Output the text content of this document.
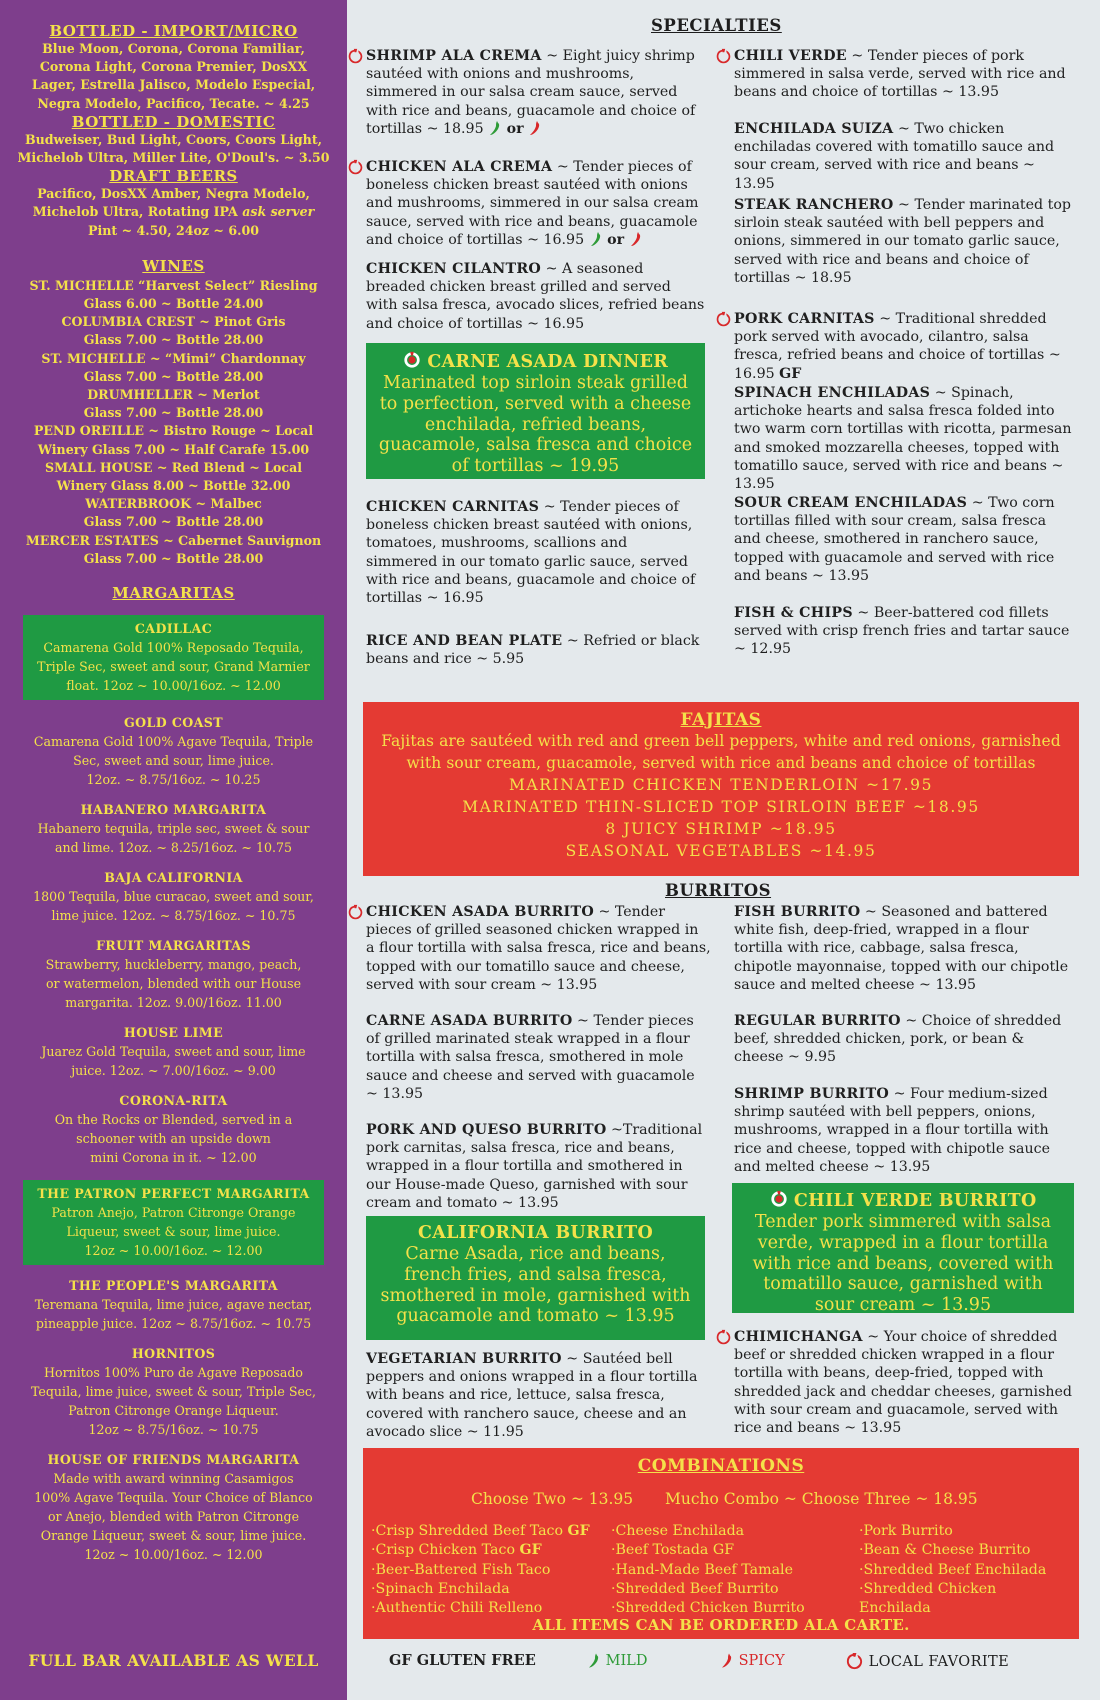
BOTTLED - IMPORT/MICRO
Blue Moon, Corona, Corona Familiar,
Corona Light, Corona Premier, DosXX
Lager, Estrella Jalisco, Modelo Especial,
Negra Modelo, Pacifico, Tecate. ~ 4.25
BOTTLED - DOMESTIC
Budweiser, Bud Light, Coors, Coors Light,
Michelob Ultra, Miller Lite, O'Doul's. ~ 3.50
DRAFT BEERS
Pacifico, DosXX Amber, Negra Modelo,
Michelob Ultra, Rotating IPA ask server
Pint ~ 4.50, 24oz ~ 6.00
WINES
ST. MICHELLE “Harvest Select” Riesling
Glass 6.00 ~ Bottle 24.00
COLUMBIA CREST ~ Pinot Gris
Glass 7.00 ~ Bottle 28.00
ST. MICHELLE ~ “Mimi” Chardonnay
Glass 7.00 ~ Bottle 28.00
DRUMHELLER ~ Merlot
Glass 7.00 ~ Bottle 28.00
PEND OREILLE ~ Bistro Rouge ~ Local
Winery Glass 7.00 ~ Half Carafe 15.00
SMALL HOUSE ~ Red Blend ~ Local
Winery Glass 8.00 ~ Bottle 32.00
WATERBROOK ~ Malbec
Glass 7.00 ~ Bottle 28.00
MERCER ESTATES ~ Cabernet Sauvignon
Glass 7.00 ~ Bottle 28.00
MARGARITAS
CADILLAC
Camarena Gold 100% Reposado Tequila,
Triple Sec, sweet and sour, Grand Marnier
float. 12oz ~ 10.00/16oz. ~ 12.00
GOLD COAST
Camarena Gold 100% Agave Tequila, Triple
Sec, sweet and sour, lime juice.
12oz. ~ 8.75/16oz. ~ 10.25
HABANERO MARGARITA
Habanero tequila, triple sec, sweet & sour
and lime. 12oz. ~ 8.25/16oz. ~ 10.75
BAJA CALIFORNIA
1800 Tequila, blue curacao, sweet and sour,
lime juice. 12oz. ~ 8.75/16oz. ~ 10.75
FRUIT MARGARITAS
Strawberry, huckleberry, mango, peach,
or watermelon, blended with our House
margarita. 12oz. 9.00/16oz. 11.00
HOUSE LIME
Juarez Gold Tequila, sweet and sour, lime
juice. 12oz. ~ 7.00/16oz. ~ 9.00
CORONA-RITA
On the Rocks or Blended, served in a
schooner with an upside down
mini Corona in it. ~ 12.00
THE PATRON PERFECT MARGARITA
Patron Anejo, Patron Citronge Orange
Liqueur, sweet & sour, lime juice.
12oz ~ 10.00/16oz. ~ 12.00
THE PEOPLE'S MARGARITA
Teremana Tequila, lime juice, agave nectar,
pineapple juice. 12oz ~ 8.75/16oz. ~ 10.75
HORNITOS
Hornitos 100% Puro de Agave Reposado
Tequila, lime juice, sweet & sour, Triple Sec,
Patron Citronge Orange Liqueur.
12oz ~ 8.75/16oz. ~ 10.75
HOUSE OF FRIENDS MARGARITA
Made with award winning Casamigos
100% Agave Tequila. Your Choice of Blanco
or Anejo, blended with Patron Citronge
Orange Liqueur, sweet & sour, lime juice.
12oz ~ 10.00/16oz. ~ 12.00
FULL BAR AVAILABLE AS WELL
SPECIALTIES
SHRIMP ALA CREMA ~ Eight juicy shrimp sautéed with onions and mushrooms, simmered in our salsa cream sauce, served with rice and beans, guacamole and choice of tortillas ~ 18.95  or
CHICKEN ALA CREMA ~ Tender pieces of boneless chicken breast sautéed with onions and mushrooms, simmered in our salsa cream sauce, served with rice and beans, guacamole and choice of tortillas ~ 16.95  or
CHICKEN CILANTRO ~ A seasoned breaded chicken breast grilled and served with salsa fresca, avocado slices, refried beans and choice of tortillas ~ 16.95
CARNE ASADA DINNER
Marinated top sirloin steak grilled to perfection, served with a cheese enchilada, refried beans, guacamole, salsa fresca and choice of tortillas ~ 19.95
CHICKEN CARNITAS ~ Tender pieces of boneless chicken breast sautéed with onions, tomatoes, mushrooms, scallions and simmered in our tomato garlic sauce, served with rice and beans, guacamole and choice of tortillas ~ 16.95
RICE AND BEAN PLATE ~ Refried or black beans and rice ~ 5.95
CHILI VERDE ~ Tender pieces of pork simmered in salsa verde, served with rice and beans and choice of tortillas ~ 13.95
ENCHILADA SUIZA ~ Two chicken enchiladas covered with tomatillo sauce and sour cream, served with rice and beans ~ 13.95
STEAK RANCHERO ~ Tender marinated top sirloin steak sautéed with bell peppers and onions, simmered in our tomato garlic sauce, served with rice and beans and choice of tortillas ~ 18.95
PORK CARNITAS ~ Traditional shredded pork served with avocado, cilantro, salsa fresca, refried beans and choice of tortillas ~ 16.95 GF
SPINACH ENCHILADAS ~ Spinach, artichoke hearts and salsa fresca folded into two warm corn tortillas with ricotta, parmesan and smoked mozzarella cheeses, topped with tomatillo sauce, served with rice and beans ~ 13.95
SOUR CREAM ENCHILADAS ~ Two corn tortillas filled with sour cream, salsa fresca and cheese, smothered in ranchero sauce, topped with guacamole and served with rice and beans ~ 13.95
FISH & CHIPS ~ Beer-battered cod fillets served with crisp french fries and tartar sauce ~ 12.95
FAJITAS
Fajitas are sautéed with red and green bell peppers, white and red onions, garnished
with sour cream, guacamole, served with rice and beans and choice of tortillas
MARINATED CHICKEN TENDERLOIN ~17.95
MARINATED THIN-SLICED TOP SIRLOIN BEEF ~18.95
8 JUICY SHRIMP ~18.95
SEASONAL VEGETABLES ~14.95
BURRITOS
CHICKEN ASADA BURRITO ~ Tender pieces of grilled seasoned chicken wrapped in a flour tortilla with salsa fresca, rice and beans, topped with our tomatillo sauce and cheese, served with sour cream ~ 13.95
CARNE ASADA BURRITO ~ Tender pieces of grilled marinated steak wrapped in a flour tortilla with salsa fresca, smothered in mole sauce and cheese and served with guacamole ~ 13.95
PORK AND QUESO BURRITO ~Traditional pork carnitas, salsa fresca, rice and beans, wrapped in a flour tortilla and smothered in our House-made Queso, garnished with sour cream and tomato ~ 13.95
CALIFORNIA BURRITO
Carne Asada, rice and beans, french fries, and salsa fresca, smothered in mole, garnished with guacamole and tomato ~ 13.95
VEGETARIAN BURRITO ~ Sautéed bell peppers and onions wrapped in a flour tortilla with beans and rice, lettuce, salsa fresca, covered with ranchero sauce, cheese and an avocado slice ~ 11.95
FISH BURRITO ~ Seasoned and battered white fish, deep-fried, wrapped in a flour tortilla with rice, cabbage, salsa fresca, chipotle mayonnaise, topped with our chipotle sauce and melted cheese ~ 13.95
REGULAR BURRITO ~ Choice of shredded beef, shredded chicken, pork, or bean & cheese ~ 9.95
SHRIMP BURRITO ~ Four medium-sized shrimp sautéed with bell peppers, onions, mushrooms, wrapped in a flour tortilla with rice and cheese, topped with chipotle sauce and melted cheese ~ 13.95
CHILI VERDE BURRITO
Tender pork simmered with salsa verde, wrapped in a flour tortilla with rice and beans, covered with tomatillo sauce, garnished with sour cream ~ 13.95
CHIMICHANGA ~ Your choice of shredded beef or shredded chicken wrapped in a flour tortilla with beans, deep-fried, topped with shredded jack and cheddar cheeses, garnished with sour cream and guacamole, served with rice and beans ~ 13.95
COMBINATIONS
Choose Two ~ 13.95 Mucho Combo ~ Choose Three ~ 18.95
·Crisp Shredded Beef Taco GF
·Crisp Chicken Taco GF
·Beer-Battered Fish Taco
·Spinach Enchilada
·Authentic Chili Relleno
·Cheese Enchilada
·Beef Tostada GF
·Hand-Made Beef Tamale
·Shredded Beef Burrito
·Shredded Chicken Burrito
·Pork Burrito
·Bean & Cheese Burrito
·Shredded Beef Enchilada
·Shredded Chicken Enchilada
ALL ITEMS CAN BE ORDERED ALA CARTE.
GF GLUTEN FREE	MILD	SPICY	LOCAL FAVORITE
